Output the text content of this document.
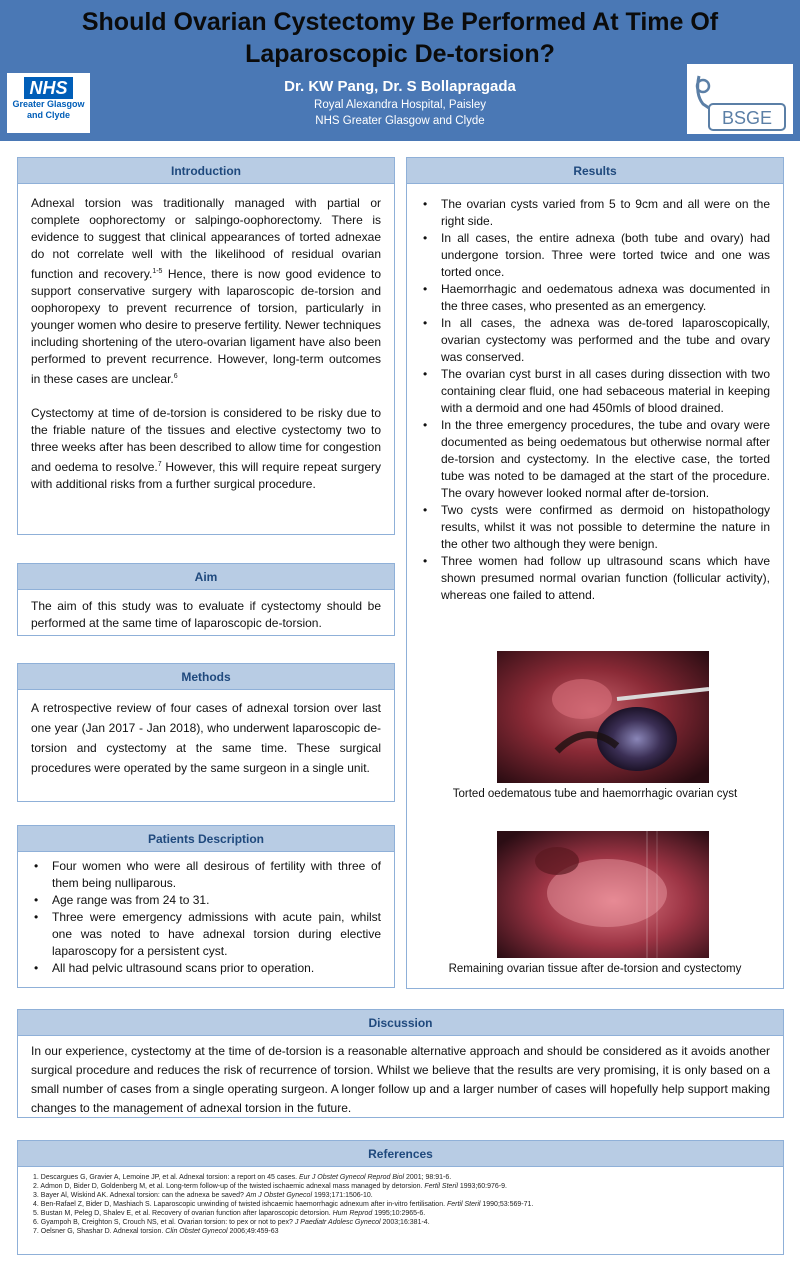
Should Ovarian Cystectomy Be Performed At Time Of
Laparoscopic De-torsion?
Dr. KW Pang, Dr. S Bollapragada
Royal Alexandra Hospital, Paisley
NHS Greater Glasgow and Clyde
NHS
Greater Glasgow
and Clyde	BSGE
Introduction

Adnexal torsion was traditionally managed with partial or complete oophorectomy or salpingo-oophorectomy. There is evidence to suggest that clinical appearances of torted adnexae do not correlate well with the likelihood of residual ovarian function and recovery.$^{1-5}$ Hence, there is now good evidence to support conservative surgery with laparoscopic de-torsion and oophoropexy to prevent recurrence of torsion, particularly in younger women who desire to preserve fertility. Newer techniques including shortening of the utero-ovarian ligament have also been performed to prevent recurrence. However, long-term outcomes in these cases are unclear.$^6$

Cystectomy at time of de-torsion is considered to be risky due to the friable nature of the tissues and elective cystectomy two to three weeks after has been described to allow time for congestion and oedema to resolve.$^7$ However, this will require repeat surgery with additional risks from a further surgical procedure.

Aim
The aim of this study was to evaluate if cystectomy should be performed at the same time of laparoscopic de-torsion.
Methods
A retrospective review of four cases of adnexal torsion over last one year (Jan 2017 - Jan 2018), who underwent laparoscopic de-torsion and cystectomy at the same time. These surgical procedures were operated by the same surgeon in a single unit.
Patients Description
• Four women who were all desirous of fertility with three of them being nulliparous.
• Age range was from 24 to 31.
• Three were emergency admissions with acute pain, whilst one was noted to have adnexal torsion during elective laparoscopy for a persistent cyst.
• All had pelvic ultrasound scans prior to operation.
Results
• The ovarian cysts varied from 5 to 9cm and all were on the right side.
• In all cases, the entire adnexa (both tube and ovary) had undergone torsion. Three were torted twice and one was torted once.
• Haemorrhagic and oedematous adnexa was documented in the three cases, who presented as an emergency.
• In all cases, the adnexa was de-tored laparoscopically, ovarian cystectomy was performed and the tube and ovary was conserved.
• The ovarian cyst burst in all cases during dissection with two containing clear fluid, one had sebaceous material in keeping with a dermoid and one had 450mls of blood drained.
• In the three emergency procedures, the tube and ovary were documented as being oedematous but otherwise normal after de-torsion and cystectomy. In the elective case, the torted tube was noted to be damaged at the start of the procedure. The ovary however looked normal after de-torsion.
• Two cysts were confirmed as dermoid on histopathology results, whilst it was not possible to determine the nature in the other two although they were benign.
• Three women had follow up ultrasound scans which have shown presumed normal ovarian function (follicular activity), whereas one failed to attend.
Torted oedematous tube and haemorrhagic ovarian cyst
Remaining ovarian tissue after de-torsion and cystectomy
Discussion
In our experience, cystectomy at the time of de-torsion is a reasonable alternative approach and should be considered as it avoids another surgical procedure and reduces the risk of recurrence of torsion. Whilst we believe that the results are very promising, it is only based on a small number of cases from a single operating surgeon. A longer follow up and a larger number of cases will hopefully help support making changes to the management of adnexal torsion in the future.
References
1. Descargues G, Gravier A, Lemoine JP, et al. Adnexal torsion: a report on 45 cases. Eur J Obstet Gynecol Reprod Biol 2001; 98:91-6.
2. Admon D, Bider D, Goldenberg M, et al. Long-term follow-up of the twisted ischaemic adnexal mass managed by detorsion. Fertil Steril 1993;60:976-9.
3. Bayer Al, Wiskind AK. Adnexal torsion: can the adnexa be saved? Am J Obstet Gynecol 1993;171:1506-10.
4. Ben-Rafael Z, Bider D, Mashiach S. Laparoscopic unwinding of twisted ishcaemic haemorrhagic adnexum after in-vitro fertilisation. Fertil Steril 1990;53:569-71.
5. Bustan M, Peleg D, Shalev E, et al. Recovery of ovarian function after laparoscopic detorsion. Hum Reprod 1995;10:2965-6.
6. Gyampoh B, Creighton S, Crouch NS, et al. Ovarian torsion: to pex or not to pex? J Paediatr Adolesc Gynecol 2003;16:381-4.
7. Oelsner G, Shashar D. Adnexal torsion. Clin Obstet Gynecol 2006;49:459-63
